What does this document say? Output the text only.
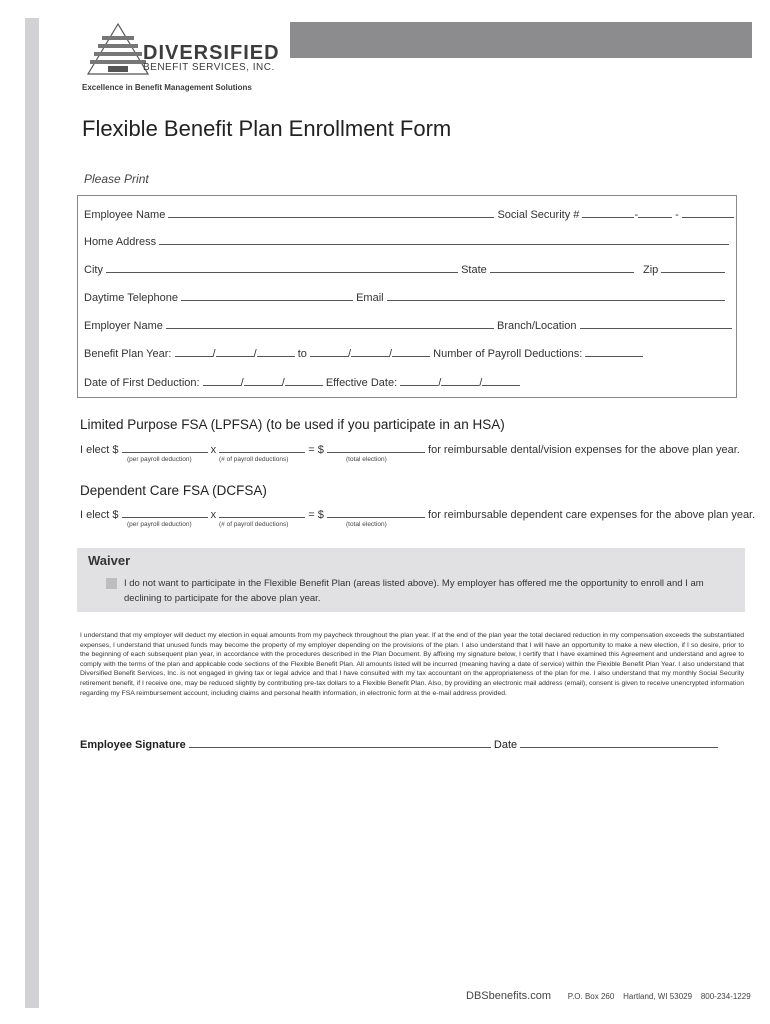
DIVERSIFIED
BENEFIT SERVICES, INC.
Excellence in Benefit Management Solutions
Flexible Benefit Plan Enrollment Form
Please Print
Employee Name	Social Security #	-	-
Home Address
City	State	Zip
Daytime Telephone	Email
Employer Name	Branch/Location
Benefit Plan Year:	/	/	to	/	/	Number of Payroll Deductions:
Date of First Deduction:	/	/	Effective Date:	/	/
Limited Purpose FSA (LPFSA) (to be used if you participate in an HSA)
I elect $	x	= $	for reimbursable dental/vision expenses for the above plan year.
(per payroll deduction)	(# of payroll deductions)	(total election)
Dependent Care FSA (DCFSA)
I elect $	x	= $	for reimbursable dependent care expenses for the above plan year.
(per payroll deduction)	(# of payroll deductions)	(total election)
Waiver
I do not want to participate in the Flexible Benefit Plan (areas listed above). My employer has offered me the opportunity to enroll and I am declining to participate for the above plan year.
I understand that my employer will deduct my election in equal amounts from my paycheck throughout the plan year. If at the end of the plan year the total declared reduction in my compensation exceeds the substantiated expenses, I understand that unused funds may become the property of my employer depending on the provisions of the plan. I also understand that I will have an opportunity to make a new election, if I so desire, prior to the beginning of each subsequent plan year, in accordance with the procedures described in the Plan Document. By affixing my signature below, I certify that I have examined this Agreement and understand and agree to comply with the terms of the plan and applicable code sections of the Flexible Benefit Plan. All amounts listed will be incurred (meaning having a date of service) within the Flexible Benefit Plan Year. I also understand that Diversified Benefit Services, Inc. is not engaged in giving tax or legal advice and that I have consulted with my tax accountant on the appropriateness of the plan for me. I also understand that my monthly Social Security retirement benefit, if I receive one, may be reduced slightly by contributing pre-tax dollars to a Flexible Benefit Plan. Also, by providing an electronic mail address (email), consent is given to receive unencrypted information regarding my FSA reimbursement account, including claims and personal health information, in electronic form at the e-mail address provided.
Employee Signature	Date
DBSbenefits.com P.O. Box 260 Hartland, WI 53029 800-234-1229
